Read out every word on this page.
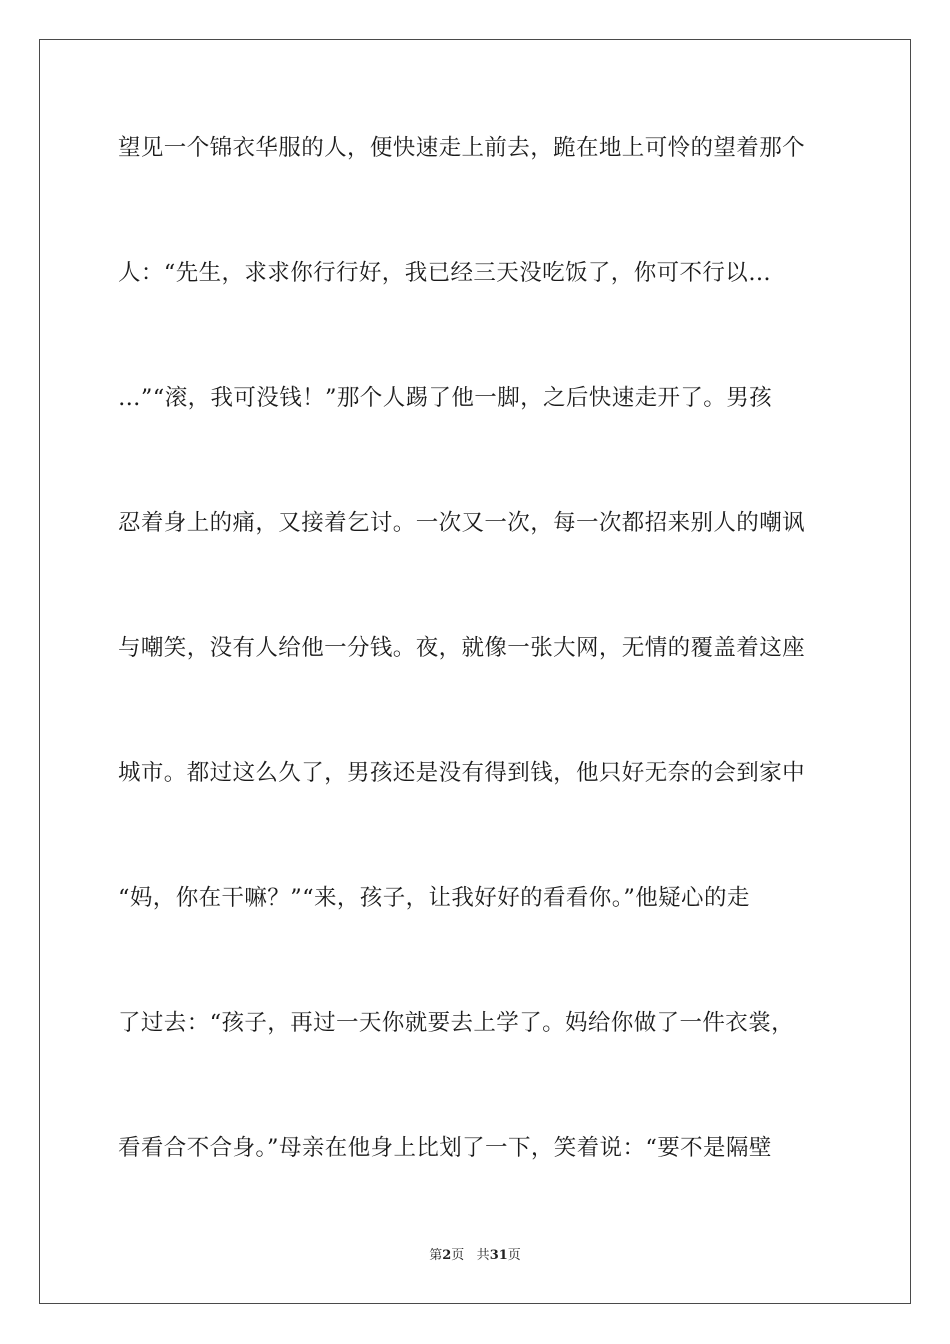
望见一个锦衣华服的人，便快速走上前去，跪在地上可怜的望着那个
人：“先生，求求你行行好，我已经三天没吃饭了，你可不行以…
…”“滚，我可没钱！”那个人踢了他一脚，之后快速走开了。男孩
忍着身上的痛，又接着乞讨。一次又一次，每一次都招来别人的嘲讽
与嘲笑，没有人给他一分钱。夜，就像一张大网，无情的覆盖着这座
城市。都过这么久了，男孩还是没有得到钱，他只好无奈的会到家中
“妈，你在干嘛？”“来，孩子，让我好好的看看你。”他疑心的走
了过去：“孩子，再过一天你就要去上学了。妈给你做了一件衣裳，
看看合不合身。”母亲在他身上比划了一下，笑着说：“要不是隔壁
第2页 共31页
